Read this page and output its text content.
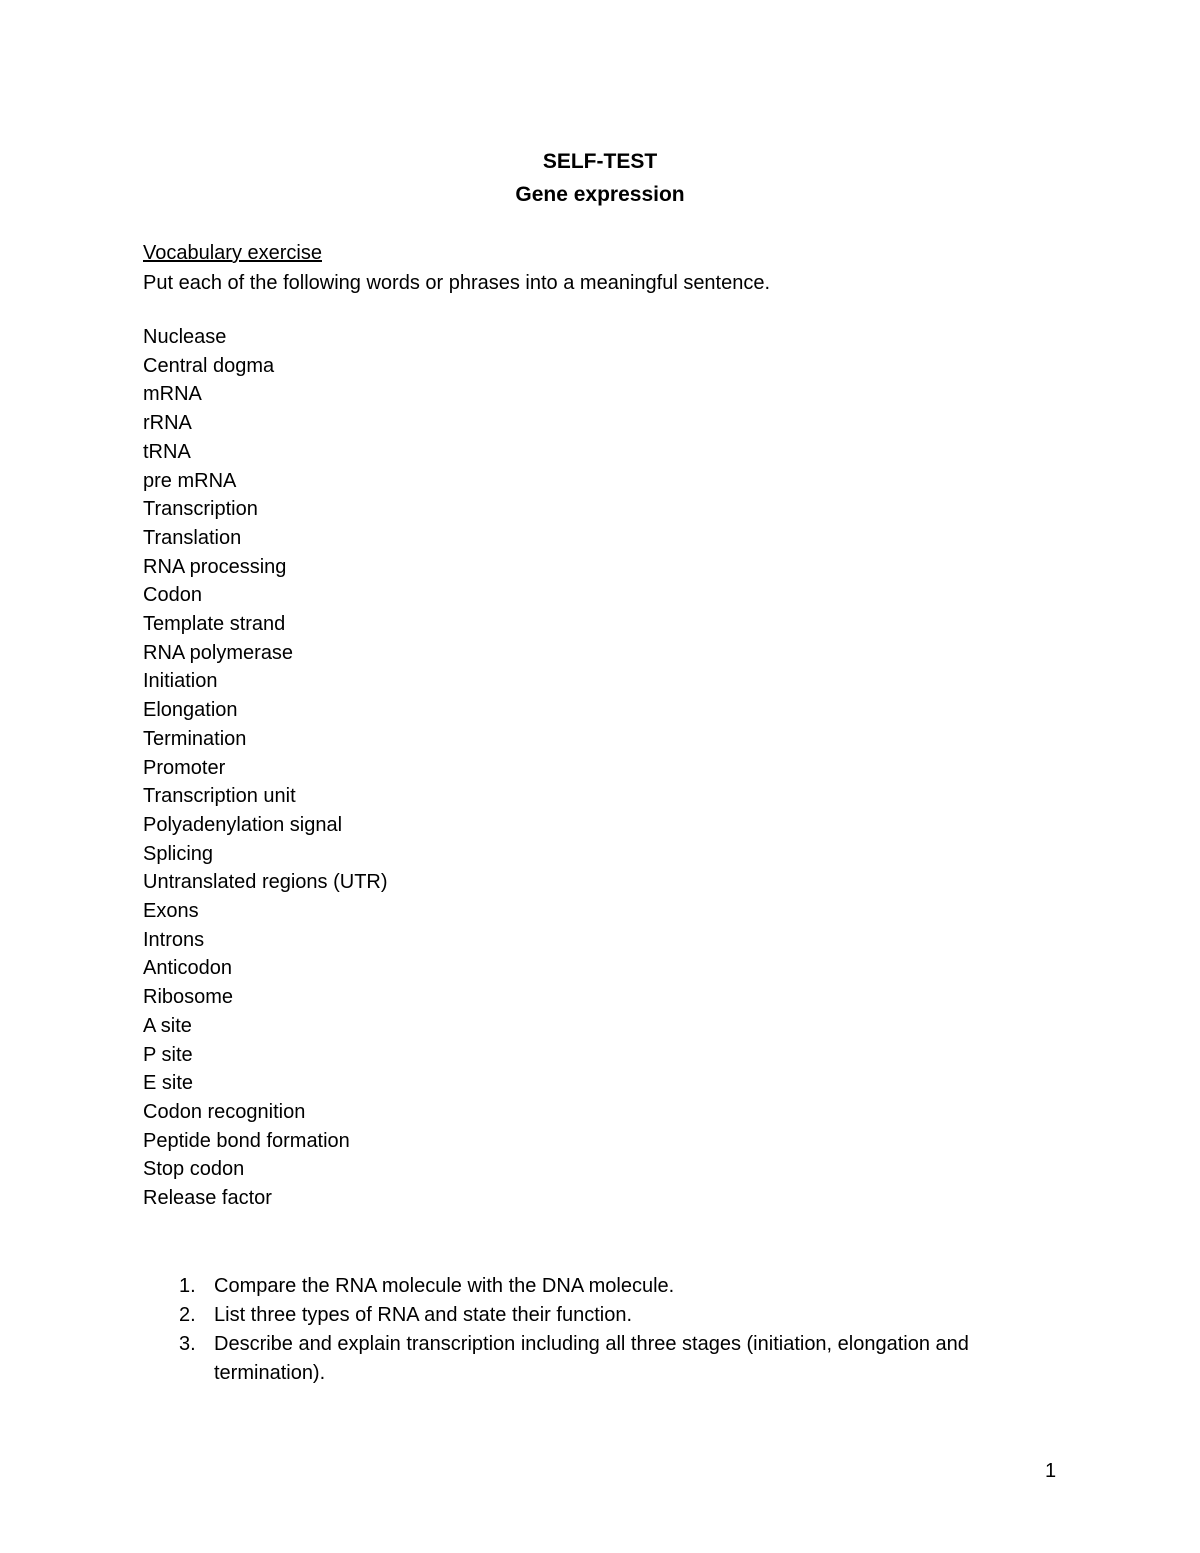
SELF-TEST

Gene expression

Vocabulary exercise

Put each of the following words or phrases into a meaningful sentence.

Nuclease
Central dogma
mRNA
rRNA
tRNA
pre mRNA
Transcription
Translation
RNA processing
Codon
Template strand
RNA polymerase
Initiation
Elongation
Termination
Promoter
Transcription unit
Polyadenylation signal
Splicing
Untranslated regions (UTR)
Exons
Introns
Anticodon
Ribosome
A site
P site
E site
Codon recognition
Peptide bond formation
Stop codon
Release factor
1. Compare the RNA molecule with the DNA molecule.
2. List three types of RNA and state their function.
3. Describe and explain transcription including all three stages (initiation, elongation and termination).
1
